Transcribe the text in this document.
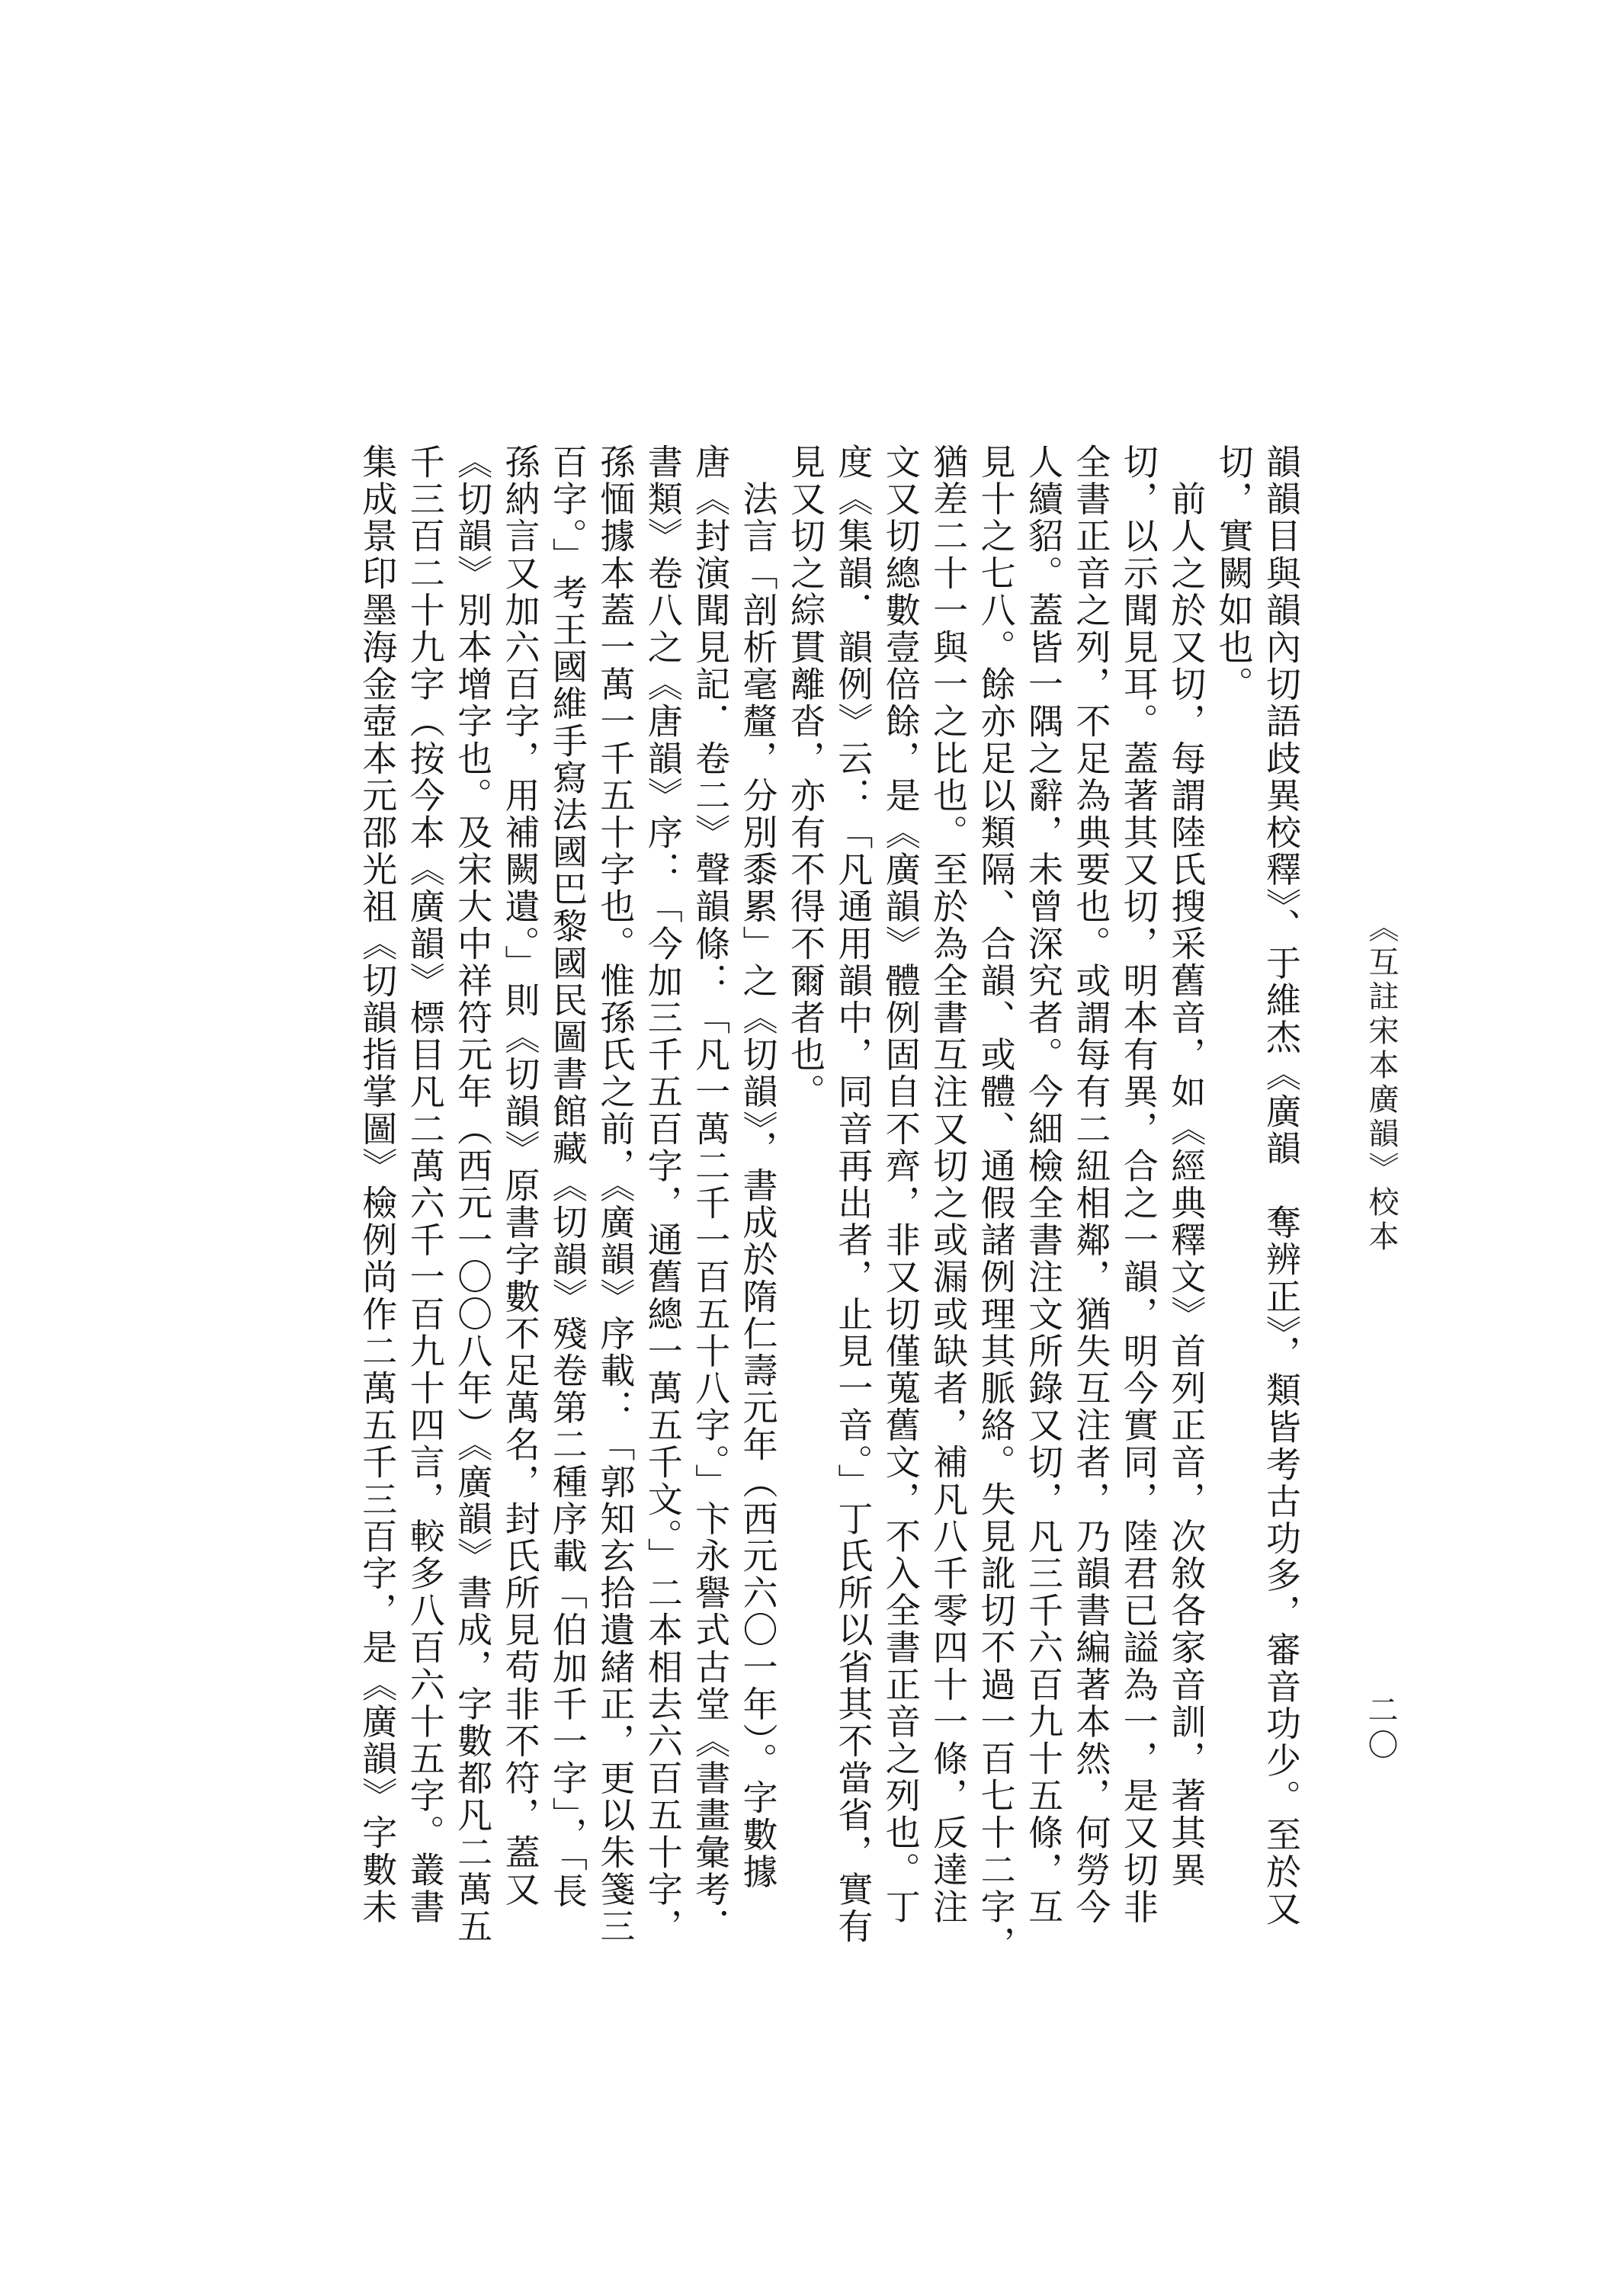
《互註宋本廣韻》校本
二〇
韻韻目與韻內切語歧異校釋》、于維杰《廣韻　奪辨正》，類皆考古功多，審音功少。至於又
切，實闕如也。
　前人之於又切，每謂陸氏搜采舊音，如《經典釋文》首列正音，次敘各家音訓，著其異
切，以示聞見耳。蓋著其又切，明本有異，合之一韻，明今實同，陸君已謚為一，是又切非
全書正音之列，不足為典要也。或謂每有二紐相鄰，猶失互注者，乃韻書編著本然，何勞今
人續貂。蓋皆一隅之辭，未曾深究者。今細檢全書注文所錄又切，凡三千六百九十五條，互
見十之七八。餘亦足以類隔、合韻、或體、通假諸例理其脈絡。失見訛切不過一百七十二字，
猶差二十一與一之比也。至於為全書互注又切之或漏或缺者，補凡八千零四十一條，反達注
文又切總數壹倍餘，是《廣韻》體例固自不齊，非又切僅蒐舊文，不入全書正音之列也。丁
度《集韻．韻例》云：「凡通用韻中，同音再出者，止見一音。」丁氏所以省其不當省，實有
見又切之綜貫離沓，亦有不得不爾者也。
　法言「剖析毫釐，分別黍累」之《切韻》，書成於隋仁壽元年（西元六〇一年）。字數據
唐《封演聞見記．卷二》聲韻條：「凡一萬二千一百五十八字。」卞永譽式古堂《書畫彙考．
書類》卷八之《唐韻》序：「今加三千五百字，通舊總一萬五千文。」二本相去六百五十字，
孫愐據本蓋一萬一千五十字也。惟孫氏之前，《廣韻》序載：「郭知玄拾遺緒正，更以朱箋三
百字。」考王國維手寫法國巴黎國民圖書館藏《切韻》殘卷第二種序載「伯加千一字」，「長
孫納言又加六百字，用補闕遺。」則《切韻》原書字數不足萬名，封氏所見苟非不符，蓋又
《切韻》別本增字也。及宋大中祥符元年（西元一〇〇八年）《廣韻》書成，字數都凡二萬五
千三百二十九字（按今本《廣韻》標目凡二萬六千一百九十四言，較多八百六十五字。叢書
集成景印墨海金壺本元邵光祖《切韻指掌圖》檢例尚作二萬五千三百字，是《廣韻》字數未
